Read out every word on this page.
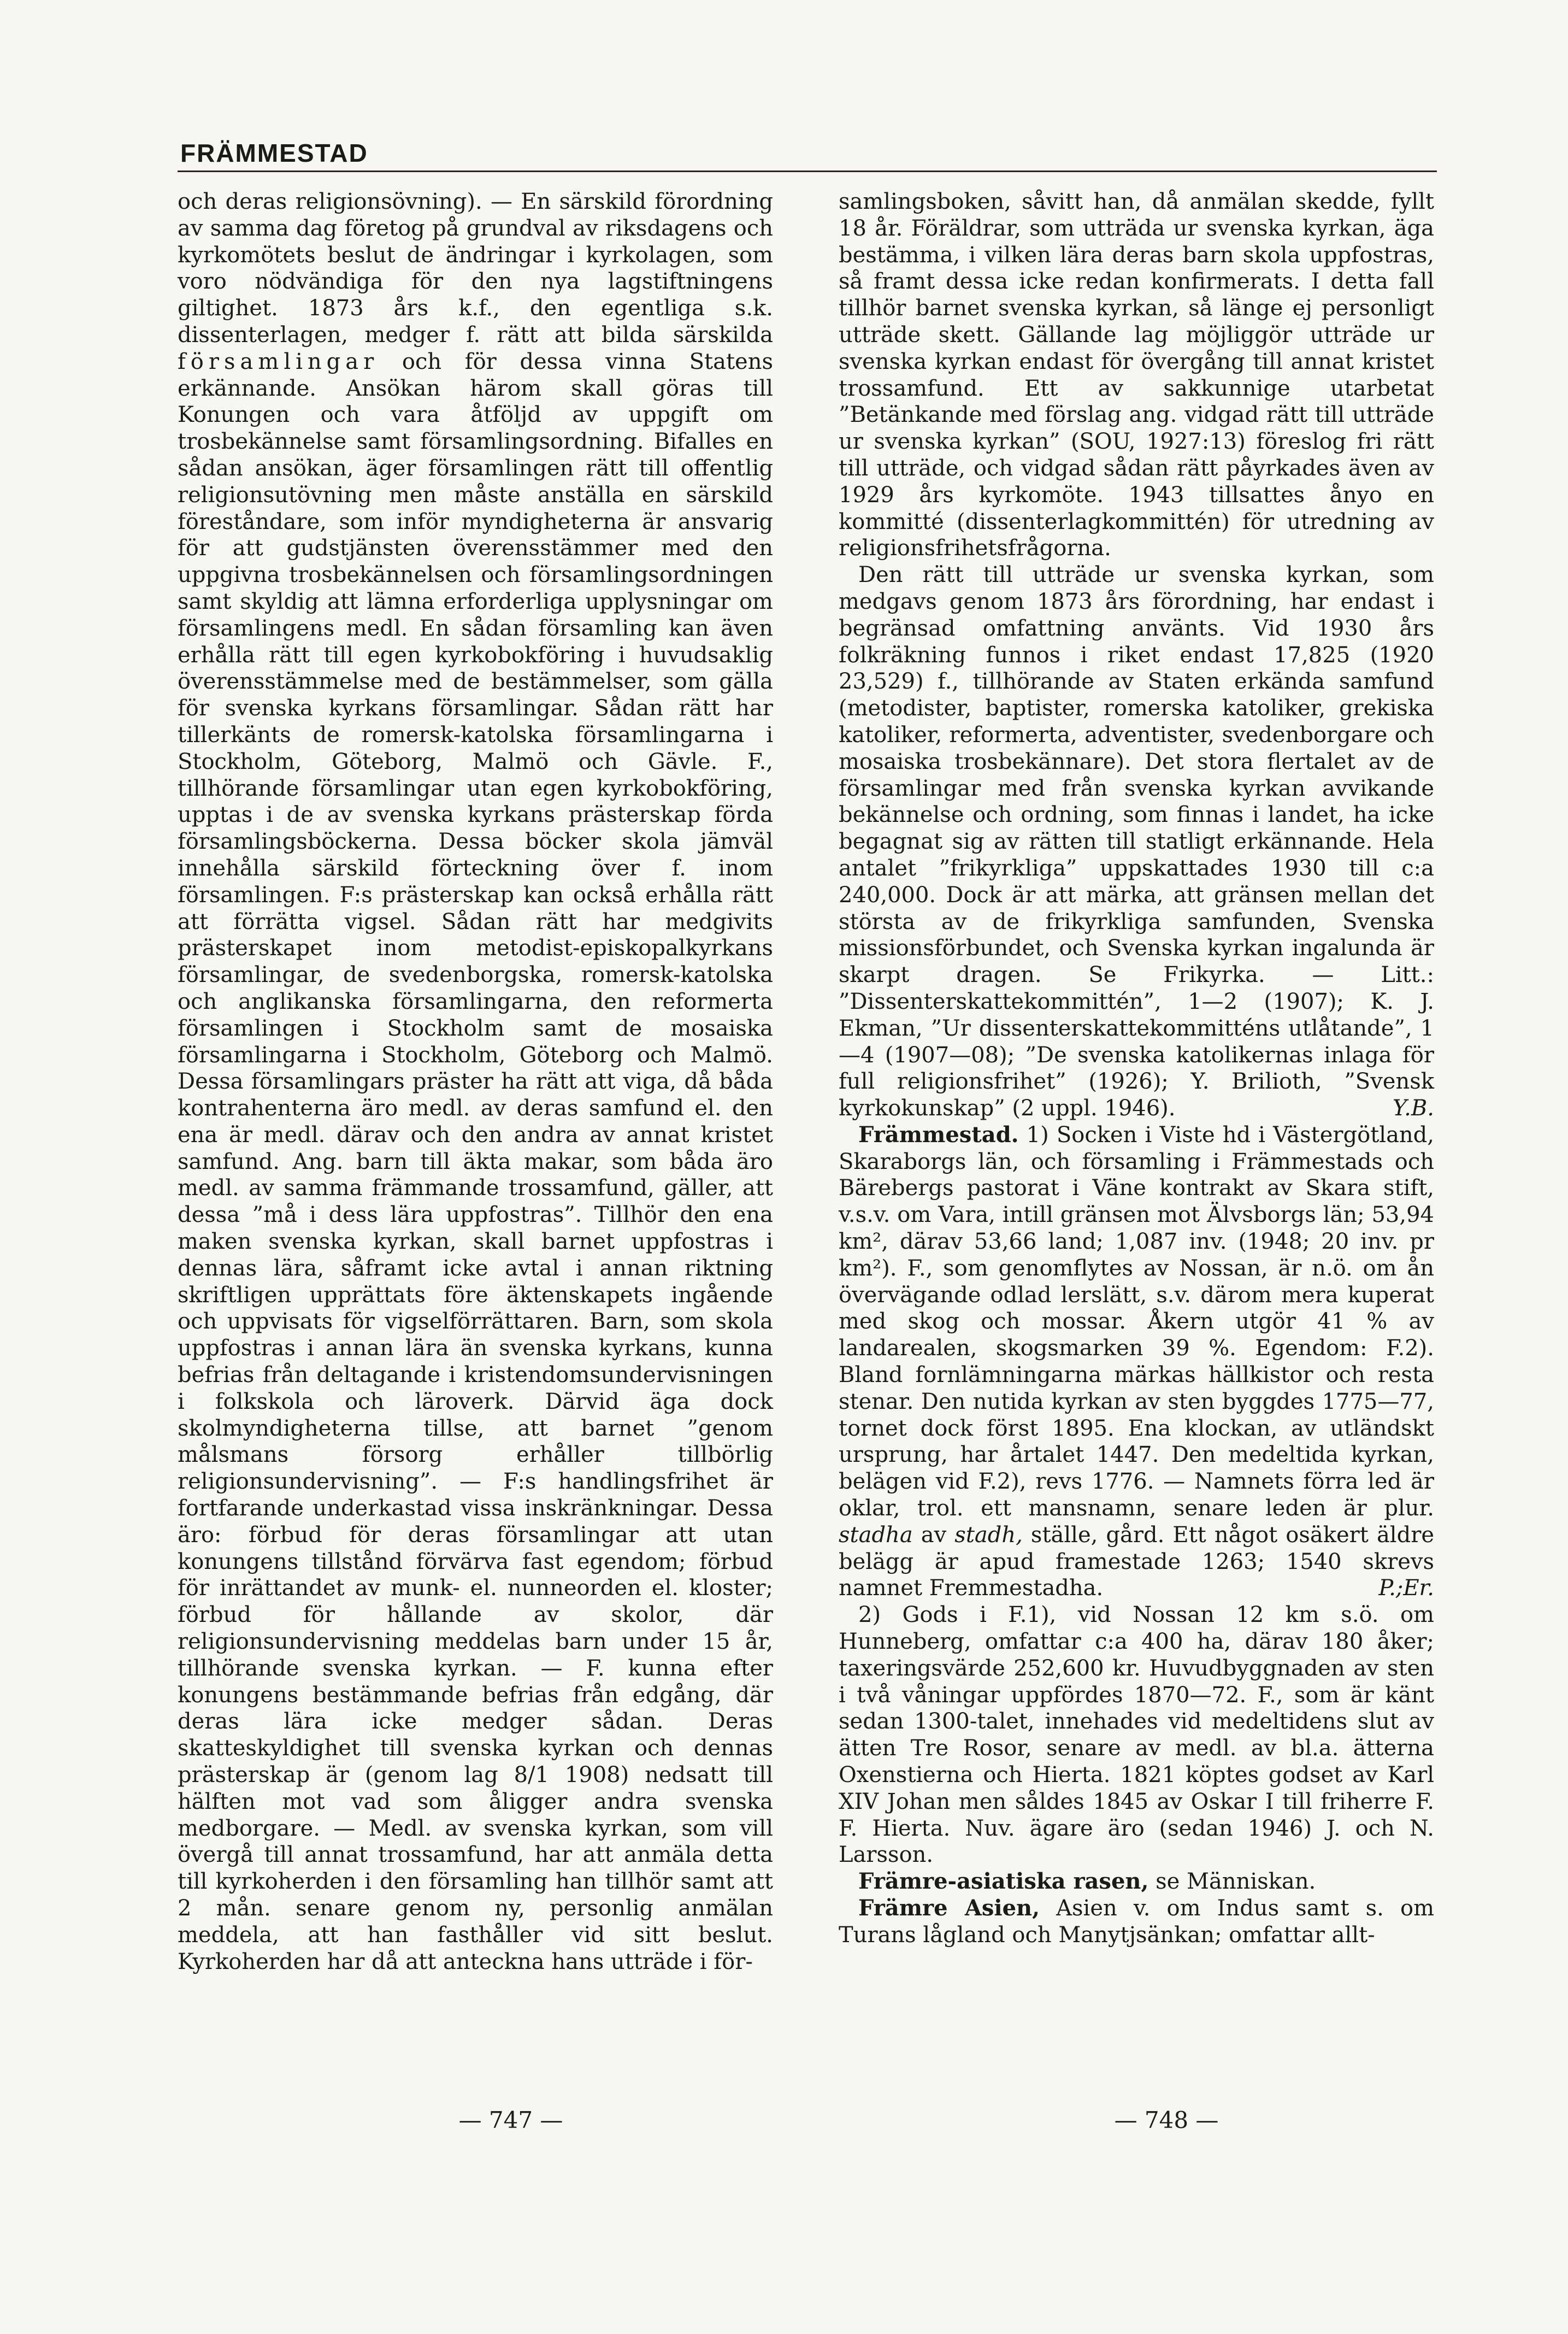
FRÄMMESTAD

och deras religionsövning). — En särskild förordning av samma dag företog på grundval av riksdagens och kyrkomötets beslut de ändringar i kyrkolagen, som voro nödvändiga för den nya lagstiftningens giltighet. 1873 års k.f., den egentliga s.k. dissenterlagen, medger f. rätt att bilda särskilda församlingar och för dessa vinna Statens erkännande. Ansökan härom skall göras till Konungen och vara åtföljd av uppgift om trosbekännelse samt församlingsordning. Bifalles en sådan ansökan, äger församlingen rätt till offentlig religionsutövning men måste anställa en särskild föreståndare, som inför myndigheterna är ansvarig för att gudstjänsten överensstämmer med den uppgivna trosbekännelsen och församlingsordningen samt skyldig att lämna erforderliga upplysningar om församlingens medl. En sådan församling kan även erhålla rätt till egen kyrkobokföring i huvudsaklig överensstämmelse med de bestämmelser, som gälla för svenska kyrkans församlingar. Sådan rätt har tillerkänts de romersk-katolska församlingarna i Stockholm, Göteborg, Malmö och Gävle. F., tillhörande församlingar utan egen kyrkobokföring, upptas i de av svenska kyrkans prästerskap förda församlingsböckerna. Dessa böcker skola jämväl innehålla särskild förteckning över f. inom församlingen. F:s prästerskap kan också erhålla rätt att förrätta vigsel. Sådan rätt har medgivits prästerskapet inom metodist-episkopalkyrkans församlingar, de svedenborgska, romersk-katolska och anglikanska församlingarna, den reformerta församlingen i Stockholm samt de mosaiska församlingarna i Stockholm, Göteborg och Malmö. Dessa församlingars präster ha rätt att viga, då båda kontrahenterna äro medl. av deras samfund el. den ena är medl. därav och den andra av annat kristet samfund. Ang. barn till äkta makar, som båda äro medl. av samma främmande trossamfund, gäller, att dessa ”må i dess lära uppfostras”. Tillhör den ena maken svenska kyrkan, skall barnet uppfostras i dennas lära, såframt icke avtal i annan riktning skriftligen upprättats före äktenskapets ingående och uppvisats för vigselförrättaren. Barn, som skola uppfostras i annan lära än svenska kyrkans, kunna befrias från deltagande i kristendomsundervisningen i folkskola och läroverk. Därvid äga dock skolmyndigheterna tillse, att barnet ”genom målsmans försorg erhåller tillbörlig religionsundervisning”. — F:s handlingsfrihet är fortfarande underkastad vissa inskränkningar. Dessa äro: förbud för deras församlingar att utan konungens tillstånd förvärva fast egendom; förbud för inrättandet av munk- el. nunneorden el. kloster; förbud för hållande av skolor, där religionsundervisning meddelas barn under 15 år, tillhörande svenska kyrkan. — F. kunna efter konungens bestämmande befrias från edgång, där deras lära icke medger sådan. Deras skatteskyldighet till svenska kyrkan och dennas prästerskap är (genom lag 8/1 1908) nedsatt till hälften mot vad som åligger andra svenska medborgare. — Medl. av svenska kyrkan, som vill övergå till annat trossamfund, har att anmäla detta till kyrkoherden i den församling han tillhör samt att 2 mån. senare genom ny, personlig anmälan meddela, att han fasthåller vid sitt beslut. Kyrkoherden har då att anteckna hans utträde i för-

samlingsboken, såvitt han, då anmälan skedde, fyllt 18 år. Föräldrar, som utträda ur svenska kyrkan, äga bestämma, i vilken lära deras barn skola uppfostras, så framt dessa icke redan konfirmerats. I detta fall tillhör barnet svenska kyrkan, så länge ej personligt utträde skett. Gällande lag möjliggör utträde ur svenska kyrkan endast för övergång till annat kristet trossamfund. Ett av sakkunnige utarbetat ”Betänkande med förslag ang. vidgad rätt till utträde ur svenska kyrkan” (SOU, 1927:13) föreslog fri rätt till utträde, och vidgad sådan rätt påyrkades även av 1929 års kyrkomöte. 1943 tillsattes ånyo en kommitté (dissenterlagkommittén) för utredning av religionsfrihetsfrågorna.

Den rätt till utträde ur svenska kyrkan, som medgavs genom 1873 års förordning, har endast i begränsad omfattning använts. Vid 1930 års folkräkning funnos i riket endast 17,825 (1920 23,529) f., tillhörande av Staten erkända samfund (metodister, baptister, romerska katoliker, grekiska katoliker, reformerta, adventister, svedenborgare och mosaiska trosbekännare). Det stora flertalet av de församlingar med från svenska kyrkan avvikande bekännelse och ordning, som finnas i landet, ha icke begagnat sig av rätten till statligt erkännande. Hela antalet ”frikyrkliga” uppskattades 1930 till c:a 240,000. Dock är att märka, att gränsen mellan det största av de frikyrkliga samfunden, Svenska missionsförbundet, och Svenska kyrkan ingalunda är skarpt dragen. Se Frikyrka. — Litt.: ”Dissenterskattekommittén”, 1—2 (1907); K. J. Ekman, ”Ur dissenterskattekommitténs utlåtande”, 1—4 (1907—08); ”De svenska katolikernas inlaga för full religionsfrihet” (1926); Y. Brilioth, ”Svensk kyrkokunskap” (2 uppl. 1946).	Y.B.

Främmestad. 1) Socken i Viste hd i Västergötland, Skaraborgs län, och församling i Främmestads och Bärebergs pastorat i Väne kontrakt av Skara stift, v.s.v. om Vara, intill gränsen mot Älvsborgs län; 53,94 km², därav 53,66 land; 1,087 inv. (1948; 20 inv. pr km²). F., som genomflytes av Nossan, är n.ö. om ån övervägande odlad lerslätt, s.v. därom mera kuperat med skog och mossar. Åkern utgör 41 % av landarealen, skogsmarken 39 %. Egendom: F.2). Bland fornlämningarna märkas hällkistor och resta stenar. Den nutida kyrkan av sten byggdes 1775—77, tornet dock först 1895. Ena klockan, av utländskt ursprung, har årtalet 1447. Den medeltida kyrkan, belägen vid F.2), revs 1776. — Namnets förra led är oklar, trol. ett mansnamn, senare leden är plur. stadha av stadh, ställe, gård. Ett något osäkert äldre belägg är apud framestade 1263; 1540 skrevs namnet Fremmestadha.	P.;Er.

2) Gods i F.1), vid Nossan 12 km s.ö. om Hunneberg, omfattar c:a 400 ha, därav 180 åker; taxeringsvärde 252,600 kr. Huvudbyggnaden av sten i två våningar uppfördes 1870—72. F., som är känt sedan 1300-talet, innehades vid medeltidens slut av ätten Tre Rosor, senare av medl. av bl.a. ätterna Oxenstierna och Hierta. 1821 köptes godset av Karl XIV Johan men såldes 1845 av Oskar I till friherre F. F. Hierta. Nuv. ägare äro (sedan 1946) J. och N. Larsson.

Främre-asiatiska rasen, se Människan.

Främre Asien, Asien v. om Indus samt s. om Turans lågland och Manytjsänkan; omfattar allt-

— 747 —	— 748 —
